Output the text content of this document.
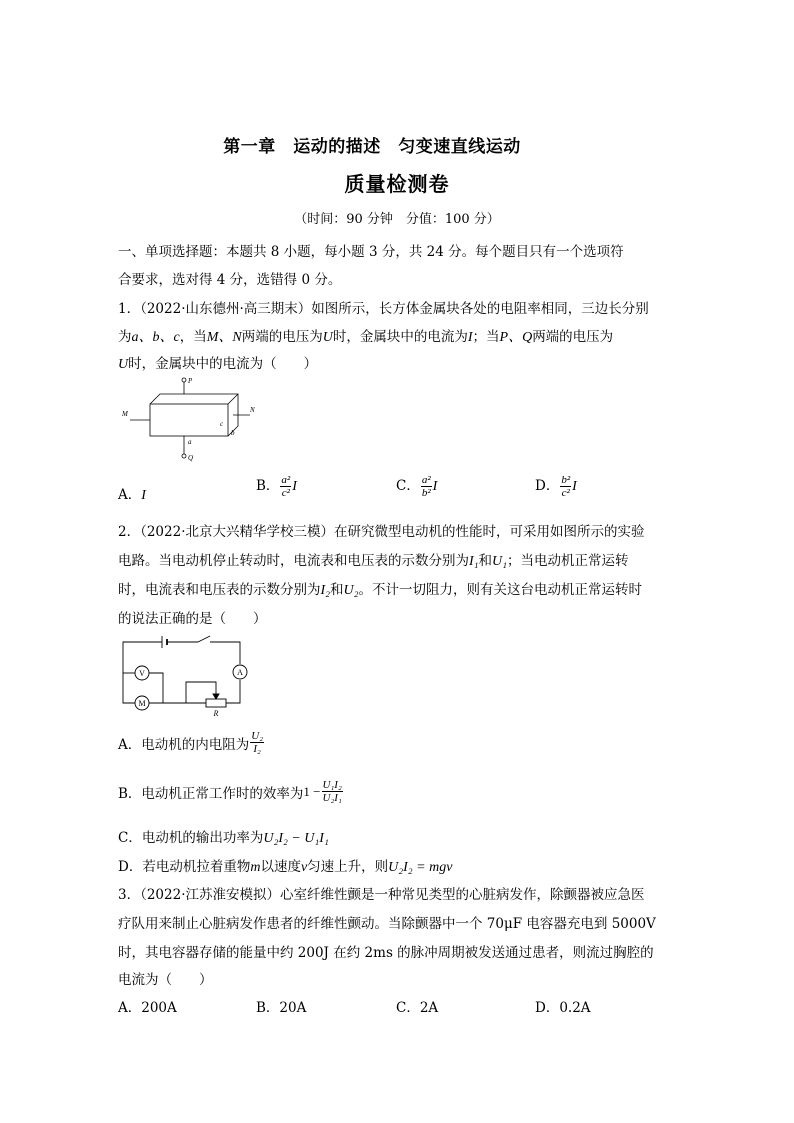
第一章　运动的描述　匀变速直线运动
质量检测卷
（时间：90 分钟　分值：100 分）
一、单项选择题：本题共 8 小题，每小题 3 分，共 24 分。每个题目只有一个选项符
合要求，选对得 4 分，选错得 0 分。
1．（2022·山东德州·高三期末）如图所示，长方体金属块各处的电阻率相同，三边长分别
为a、b、c，当M、N两端的电压为U时，金属块中的电流为I；当P、Q两端的电压为
U时，金属块中的电流为（　　）
P
Q
M	N
a
b
c
A．I
B． $\frac{\text{a²}}{\text{c²}}$ I	C． $\frac{\text{a²}}{\text{b²}}$ I	D． $\frac{\text{b²}}{\text{c²}}$ I
2．（2022·北京大兴精华学校三模）在研究微型电动机的性能时，可采用如图所示的实验
电路。当电动机停止转动时，电流表和电压表的示数分别为I₁和U₁；当电动机正常运转
时，电流表和电压表的示数分别为I₂和U₂。不计一切阻力，则有关这台电动机正常运转时
的说法正确的是（　　）
V
M
A
R
A．电动机的内电阻为 $\frac{\text{U₂}}{\text{I₂}}$
B．电动机正常工作时的效率为 $1 - \frac{\text{U₁I₂}}{\text{U₂I₁}}$
C．电动机的输出功率为U₂I₂ − U₁I₁
D．若电动机拉着重物m以速度v匀速上升，则U₂I₂ = mgv
3．（2022·江苏淮安模拟）心室纤维性颤是一种常见类型的心脏病发作，除颤器被应急医
疗队用来制止心脏病发作患者的纤维性颤动。当除颤器中一个 70μF 电容器充电到 5000V
时，其电容器存储的能量中约 200J 在约 2ms 的脉冲周期被发送通过患者，则流过胸腔的
电流为（　　）
A．200A	B．20A	C．2A	D．0.2A
